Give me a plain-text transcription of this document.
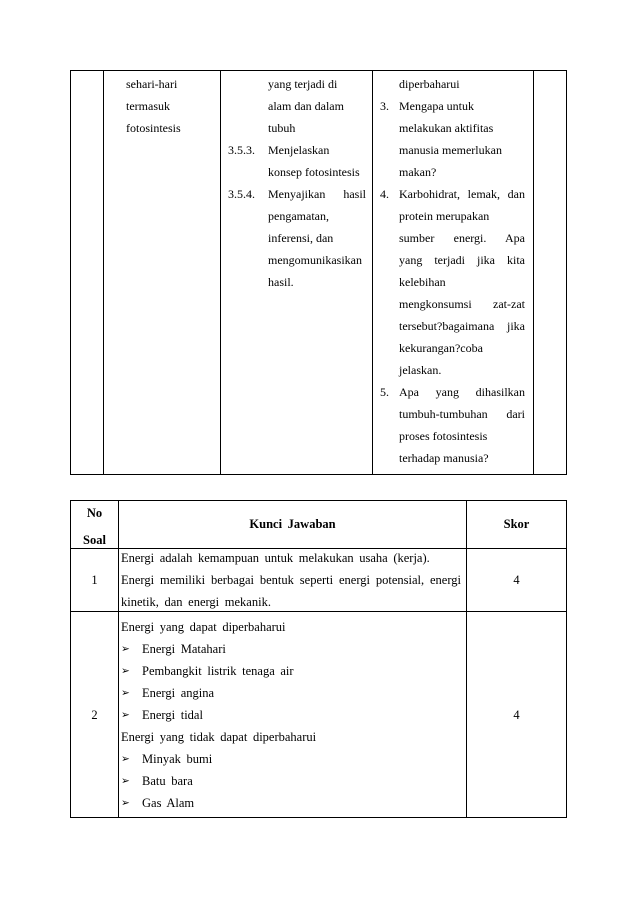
sehari-hari
termasuk
fotosintesis
yang terjadi di
alam dan dalam
tubuh
3.5.3. Menjelaskan
konsep fotosintesis
3.5.4. Menyajikan hasil
pengamatan,
inferensi, dan
mengomunikasikan
hasil.
diperbaharui
3. Mengapa untuk
melakukan aktifitas
manusia memerlukan
makan?
4. Karbohidrat, lemak, dan
protein merupakan
sumber energi. Apa
yang terjadi jika kita
kelebihan
mengkonsumsi zat-zat
tersebut?bagaimana jika
kekurangan?coba
jelaskan.
5. Apa yang dihasilkan
tumbuh-tumbuhan dari
proses fotosintesis
terhadap manusia?
No
Soal
Kunci Jawaban	Skor
1
Energi adalah kemampuan untuk melakukan usaha (kerja).
Energi memiliki berbagai bentuk seperti energi potensial, energi
kinetik, dan energi mekanik.
4
2
Energi yang dapat diperbaharui
➢ Energi Matahari
➢ Pembangkit listrik tenaga air
➢ Energi angina
➢ Energi tidal
Energi yang tidak dapat diperbaharui
➢ Minyak bumi
➢ Batu bara
➢ Gas Alam
4
